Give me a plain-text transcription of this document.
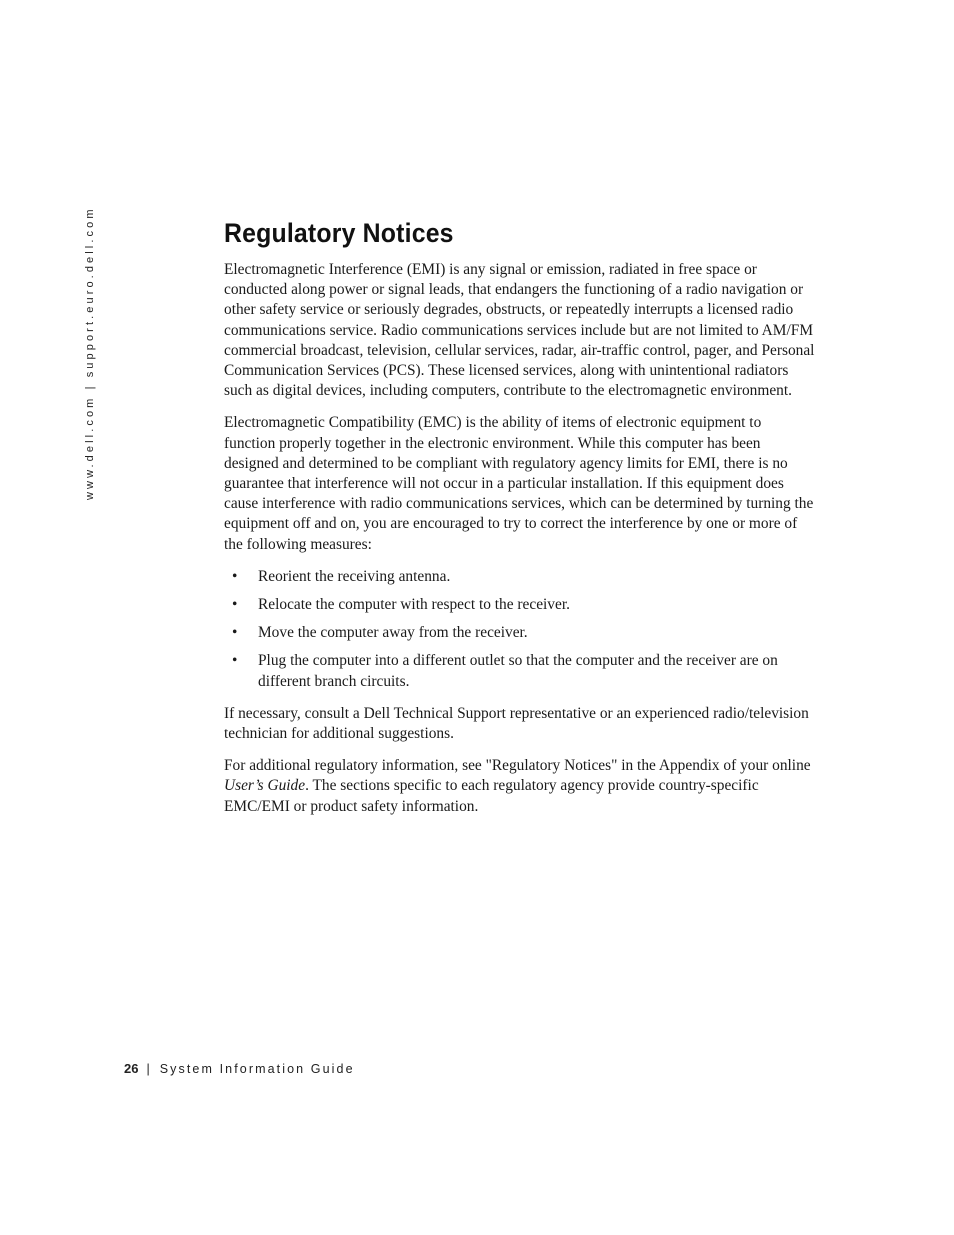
www.dell.com | support.euro.dell.com	Regulatory Notices

Electromagnetic Interference (EMI) is any signal or emission, radiated in free space or conducted along power or signal leads, that endangers the functioning of a radio navigation or other safety service or seriously degrades, obstructs, or repeatedly interrupts a licensed radio communications service. Radio communications services include but are not limited to AM/FM commercial broadcast, television, cellular services, radar, air-traffic control, pager, and Personal Communication Services (PCS). These licensed services, along with unintentional radiators such as digital devices, including computers, contribute to the electromagnetic environment.

Electromagnetic Compatibility (EMC) is the ability of items of electronic equipment to function properly together in the electronic environment. While this computer has been designed and determined to be compliant with regulatory agency limits for EMI, there is no guarantee that interference will not occur in a particular installation. If this equipment does cause interference with radio communications services, which can be determined by turning the equipment off and on, you are encouraged to try to correct the interference by one or more of the following measures:

• Reorient the receiving antenna.
• Relocate the computer with respect to the receiver.
• Move the computer away from the receiver.
• Plug the computer into a different outlet so that the computer and the receiver are on different branch circuits.

If necessary, consult a Dell Technical Support representative or an experienced radio/television technician for additional suggestions.

For additional regulatory information, see "Regulatory Notices" in the Appendix of your online User’s Guide. The sections specific to each regulatory agency provide country-specific EMC/EMI or product safety information.

26 | System Information Guide
